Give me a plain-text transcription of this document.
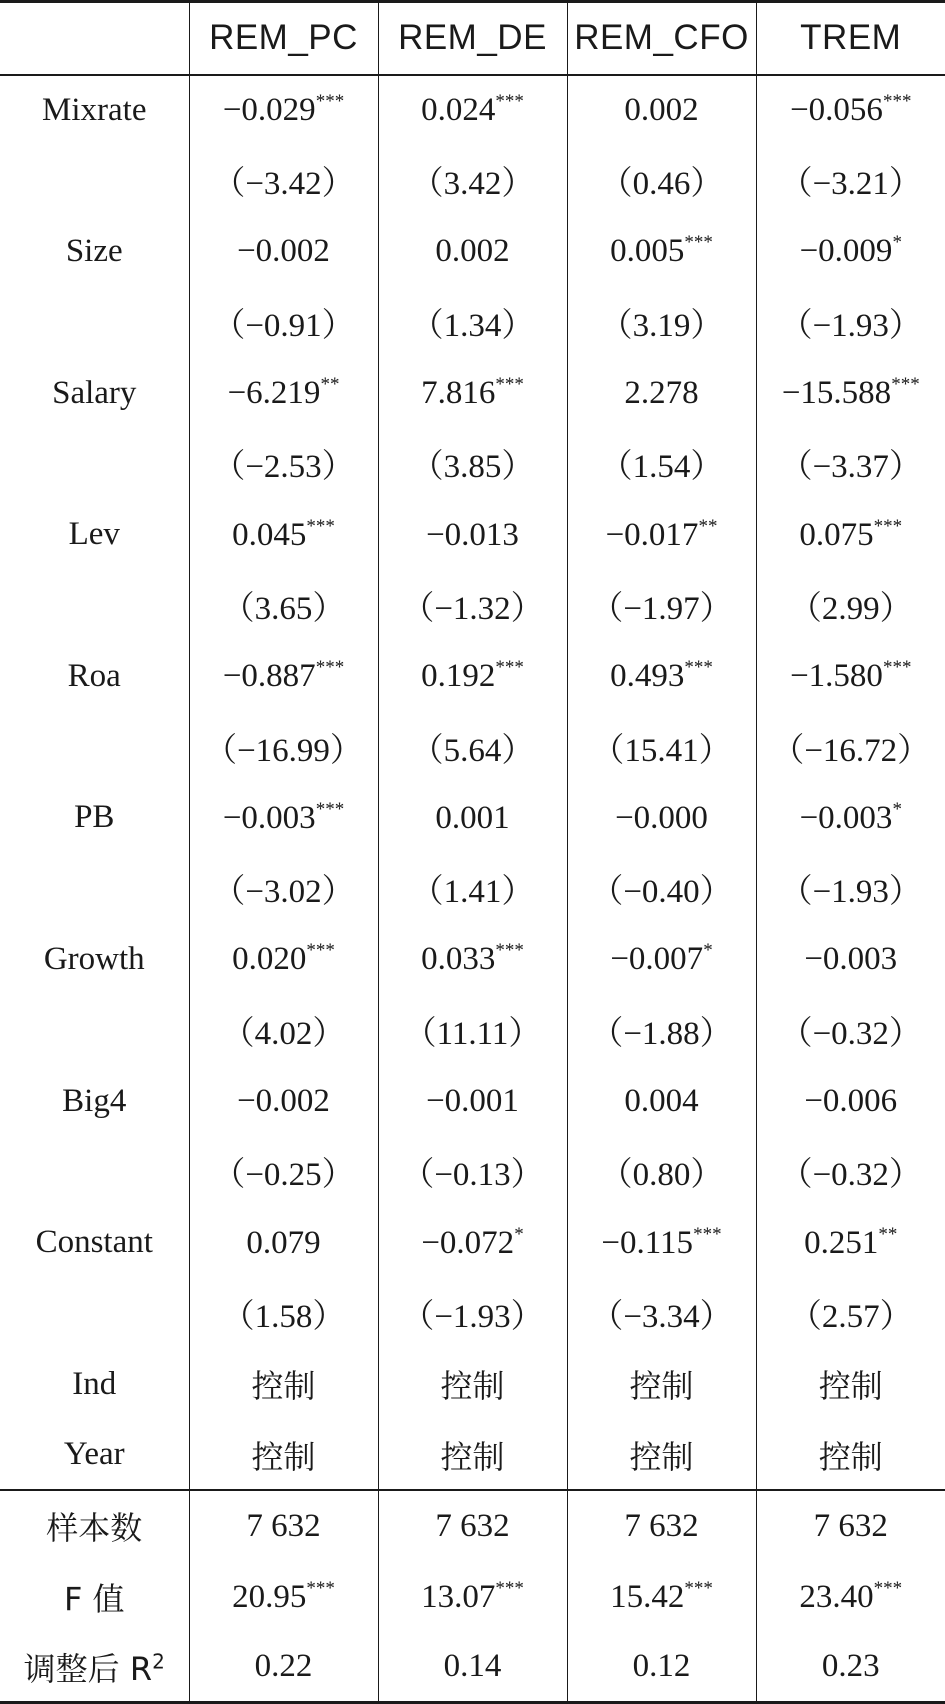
	REM_PC	REM_DE	REM_CFO	TREM
Mixrate	−0.029***	0.024***	0.002	−0.056***
	（−3.42）	（3.42）	（0.46）	（−3.21）
Size	−0.002	0.002	0.005***	−0.009*
	（−0.91）	（1.34）	（3.19）	（−1.93）
Salary	−6.219**	7.816***	2.278	−15.588***
	（−2.53）	（3.85）	（1.54）	（−3.37）
Lev	0.045***	−0.013	−0.017**	0.075***
	（3.65）	（−1.32）	（−1.97）	（2.99）
Roa	−0.887***	0.192***	0.493***	−1.580***
	（−16.99）	（5.64）	（15.41）	（−16.72）
PB	−0.003***	0.001	−0.000	−0.003*
	（−3.02）	（1.41）	（−0.40）	（−1.93）
Growth	0.020***	0.033***	−0.007*	−0.003
	（4.02）	（11.11）	（−1.88）	（−0.32）
Big4	−0.002	−0.001	0.004	−0.006
	（−0.25）	（−0.13）	（0.80）	（−0.32）
Constant	0.079	−0.072*	−0.115***	0.251**
	（1.58）	（−1.93）	（−3.34）	（2.57）
Ind	控制	控制	控制	控制
Year	控制	控制	控制	控制
样本数	7 632	7 632	7 632	7 632
F 值	20.95***	13.07***	15.42***	23.40***
调整后 $R^2$	0.22	0.14	0.12	0.23
